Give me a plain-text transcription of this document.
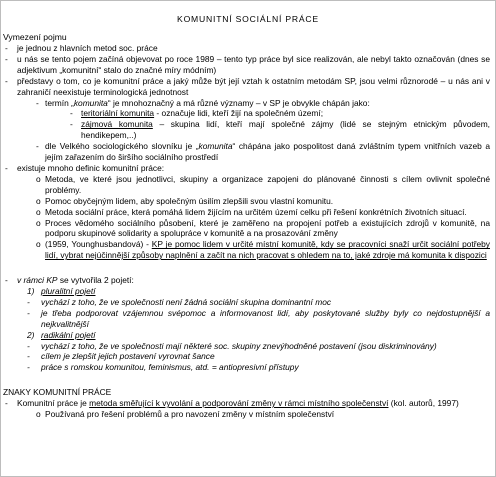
KOMUNITNÍ SOCIÁLNÍ PRÁCE
Vymezení pojmu
- je jednou z hlavních metod soc. práce
- u nás se tento pojem začíná objevovat po roce 1989 – tento typ práce byl sice realizován, ale nebyl takto označován (dnes se adjektivum „komunitní“ stalo do značné míry módním)
- představy o tom, co je komunitní práce a jaký může být její vztah k ostatním metodám SP, jsou velmi různorodé – u nás ani v zahraničí neexistuje terminologická jednotnost
- termín „komunita“ je mnohoznačný a má různé významy – v SP je obvykle chápán jako:
- teritoriální komunita - označuje lidi, kteří žijí na společném území;
- zájmová komunita – skupina lidí, kteří mají společné zájmy (lidé se stejným etnickým původem, hendikepem,..)
- dle Velkého sociologického slovníku je „komunita“ chápána jako pospolitost daná zvláštním typem vnitřních vazeb a jejím zařazením do širšího sociálního prostředí
- existuje mnoho definic komunitní práce:
o Metoda, ve které jsou jednotlivci, skupiny a organizace zapojeni do plánované činnosti s cílem ovlivnit společné problémy.
o Pomoc obyčejným lidem, aby společným úsilím zlepšili svou vlastní komunitu.
o Metoda sociální práce, která pomáhá lidem žijícím na určitém území celku při řešení konkrétních životních situací.
o Proces vědomého sociálního působení, které je zaměřeno na propojení potřeb a existujících zdrojů v komunitě, na podporu skupinové solidarity a spolupráce v komunitě a na prosazování změny
o (1959, Younghusbandová) - KP je pomoc lidem v určité místní komunitě, kdy se pracovníci snaží určit sociální potřeby lidí, vybrat nejúčinnější způsoby naplnění a začít na nich pracovat s ohledem na to, jaké zdroje má komunita k dispozici
- v rámci KP se vytvořila 2 pojetí:
1) pluralitní pojetí
- vychází z toho, že ve společnosti není žádná sociální skupina dominantní moc
- je třeba podporovat vzájemnou svépomoc a informovanost lidí, aby poskytované služby byly co nejdostupnější a nejkvalitnější
2) radikální pojetí
- vychází z toho, že ve společnosti mají některé soc. skupiny znevýhodněné postavení (jsou diskriminovány)
- cílem je zlepšit jejich postavení vyrovnat šance
- práce s romskou komunitou, feminismus, atd. = antiopresivní přístupy
ZNAKY KOMUNITNÍ PRÁCE
- Komunitní práce je metoda směřující k vyvolání a podporování změny v rámci místního společenství (kol. autorů, 1997)
o Používaná pro řešení problémů a pro navození změny v místním společenství
